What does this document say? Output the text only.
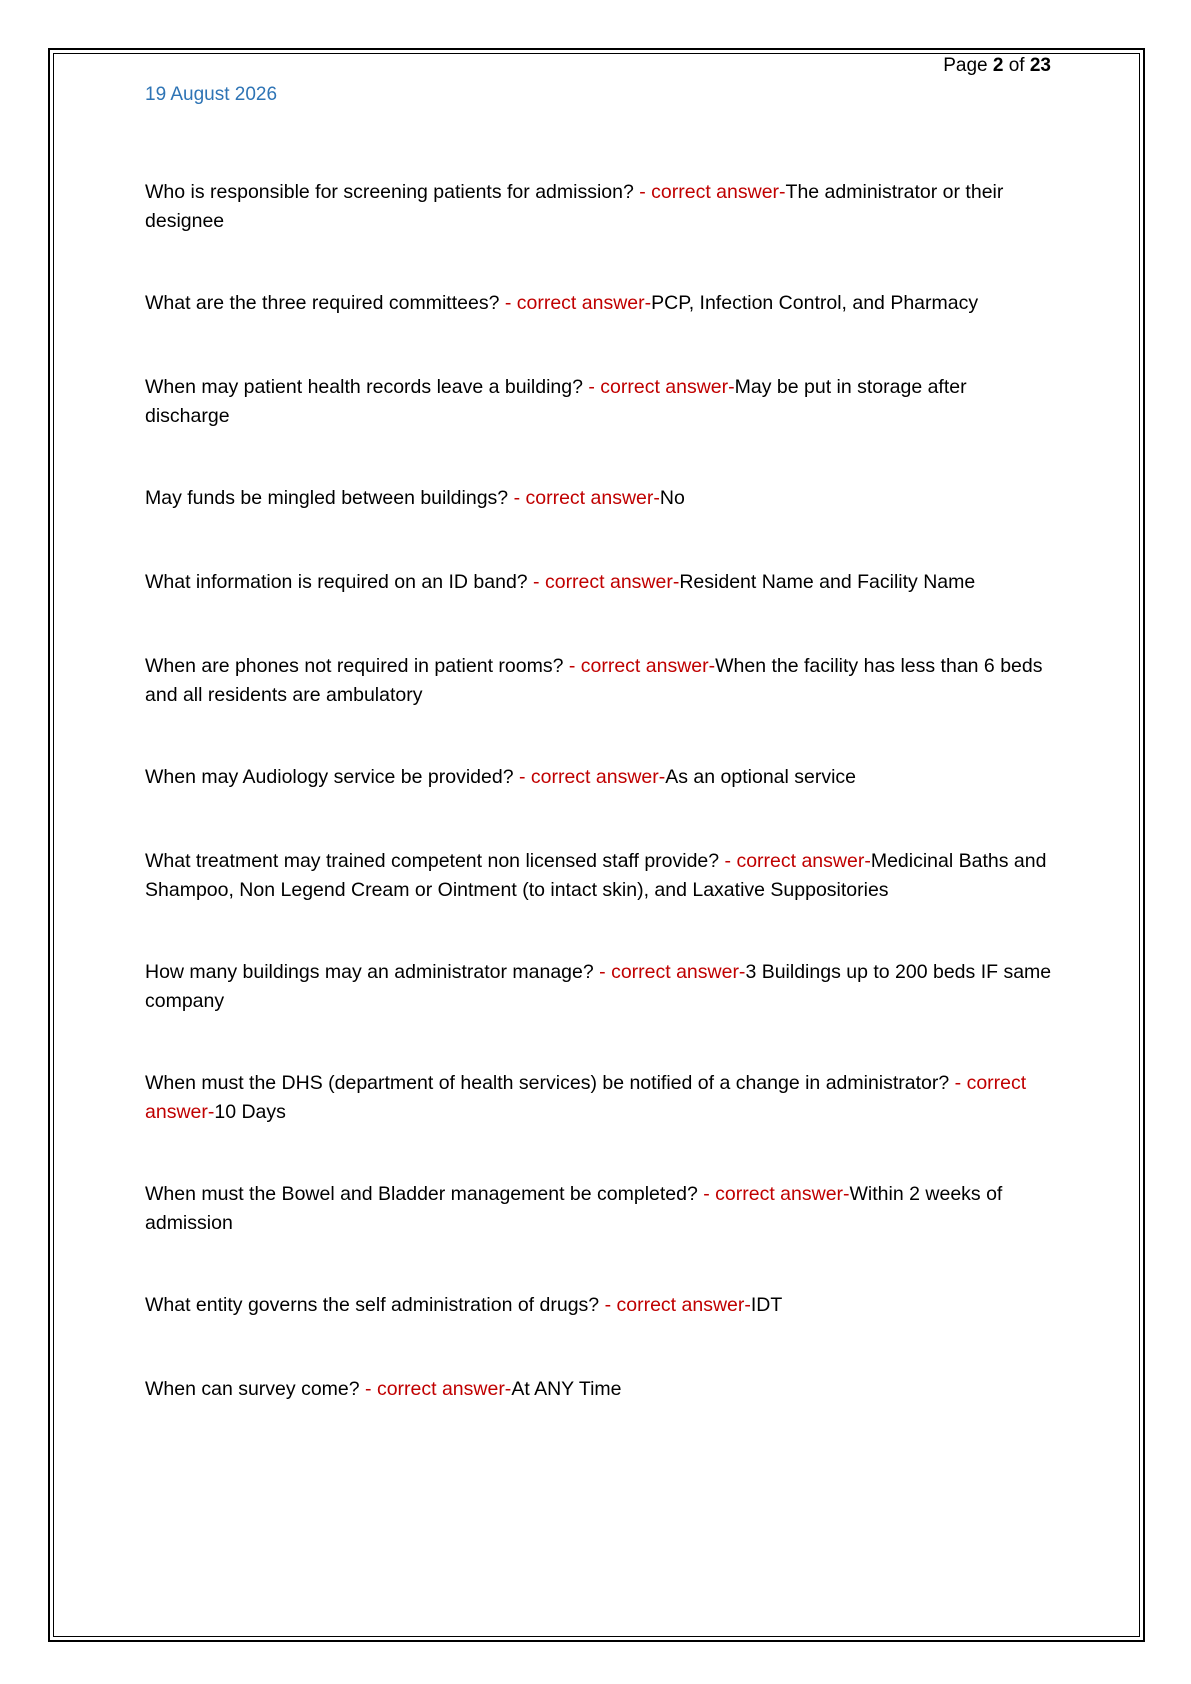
Page 2 of 23
19 August 2026
Who is responsible for screening patients for admission? - correct answer-The administrator or their designee
What are the three required committees? - correct answer-PCP, Infection Control, and Pharmacy
When may patient health records leave a building? - correct answer-May be put in storage after discharge
May funds be mingled between buildings? - correct answer-No
What information is required on an ID band? - correct answer-Resident Name and Facility Name
When are phones not required in patient rooms? - correct answer-When the facility has less than 6 beds and all residents are ambulatory
When may Audiology service be provided? - correct answer-As an optional service
What treatment may trained competent non licensed staff provide? - correct answer-Medicinal Baths and Shampoo, Non Legend Cream or Ointment (to intact skin), and Laxative Suppositories
How many buildings may an administrator manage? - correct answer-3 Buildings up to 200 beds IF same company
When must the DHS (department of health services) be notified of a change in administrator? - correct answer-10 Days
When must the Bowel and Bladder management be completed? - correct answer-Within 2 weeks of admission
What entity governs the self administration of drugs? - correct answer-IDT
When can survey come? - correct answer-At ANY Time
